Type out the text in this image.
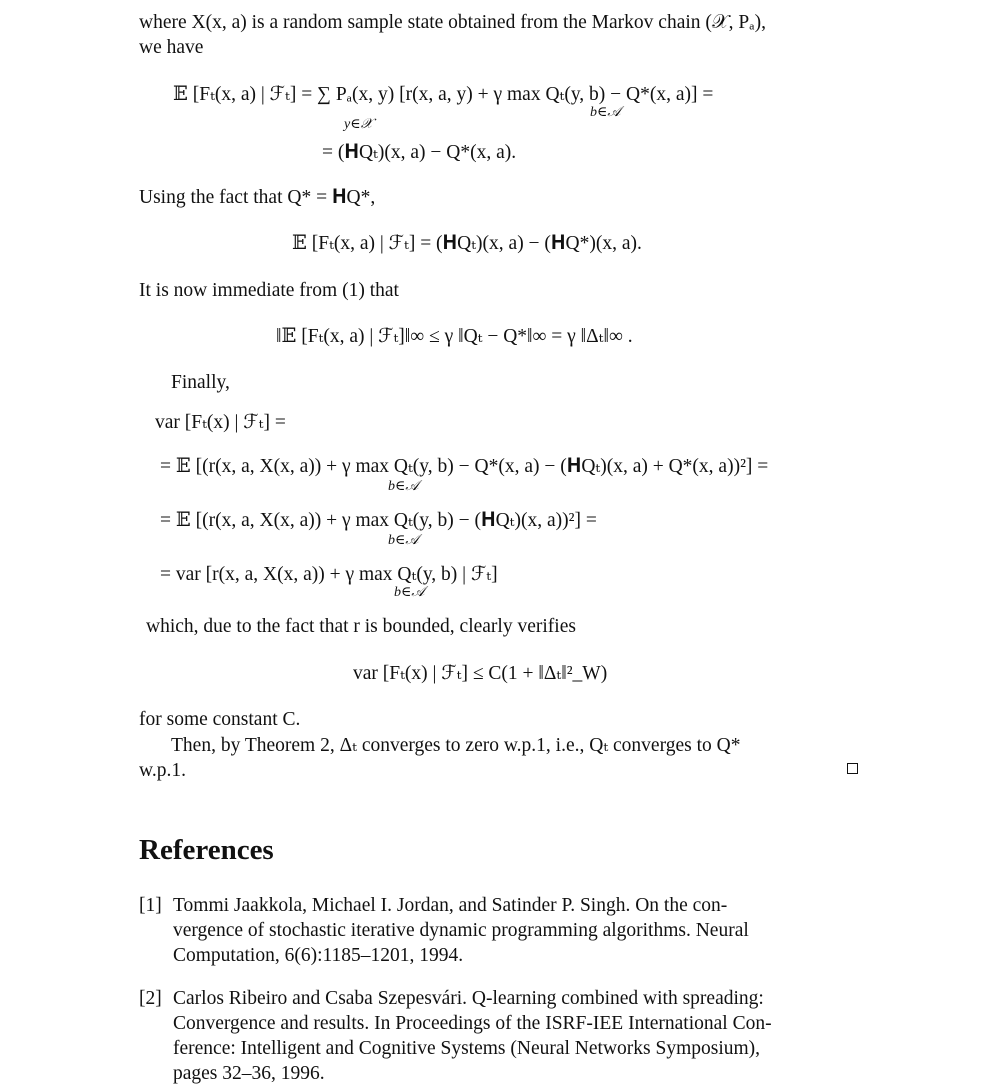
where X(x, a) is a random sample state obtained from the Markov chain (𝒳, Pₐ),
we have
𝔼 [Fₜ(x, a) | ℱₜ] = ∑ Pₐ(x, y) [r(x, a, y) + γ max Qₜ(y, b) − Q*(x, a)] =
y∈𝒳
b∈𝒜
= (𝐇Qₜ)(x, a) − Q*(x, a).
Using the fact that Q* = 𝐇Q*,
𝔼 [Fₜ(x, a) | ℱₜ] = (𝐇Qₜ)(x, a) − (𝐇Q*)(x, a).
It is now immediate from (1) that
‖𝔼 [Fₜ(x, a) | ℱₜ]‖∞ ≤ γ ‖Qₜ − Q*‖∞ = γ ‖Δₜ‖∞ .
Finally,
var [Fₜ(x) | ℱₜ] =
= 𝔼 [(r(x, a, X(x, a)) + γ max Qₜ(y, b) − Q*(x, a) − (𝐇Qₜ)(x, a) + Q*(x, a))²] =
b∈𝒜
= 𝔼 [(r(x, a, X(x, a)) + γ max Qₜ(y, b) − (𝐇Qₜ)(x, a))²] =
b∈𝒜
= var [r(x, a, X(x, a)) + γ max Qₜ(y, b) | ℱₜ]
b∈𝒜
which, due to the fact that r is bounded, clearly verifies
var [Fₜ(x) | ℱₜ] ≤ C(1 + ‖Δₜ‖²_W)
for some constant C.
Then, by Theorem 2, Δₜ converges to zero w.p.1, i.e., Qₜ converges to Q*
w.p.1.
References
[1] Tommi Jaakkola, Michael I. Jordan, and Satinder P. Singh. On the con-
vergence of stochastic iterative dynamic programming algorithms. Neural
Computation, 6(6):1185–1201, 1994.
[2] Carlos Ribeiro and Csaba Szepesvári. Q-learning combined with spreading:
Convergence and results. In Proceedings of the ISRF-IEE International Con-
ference: Intelligent and Cognitive Systems (Neural Networks Symposium),
pages 32–36, 1996.
